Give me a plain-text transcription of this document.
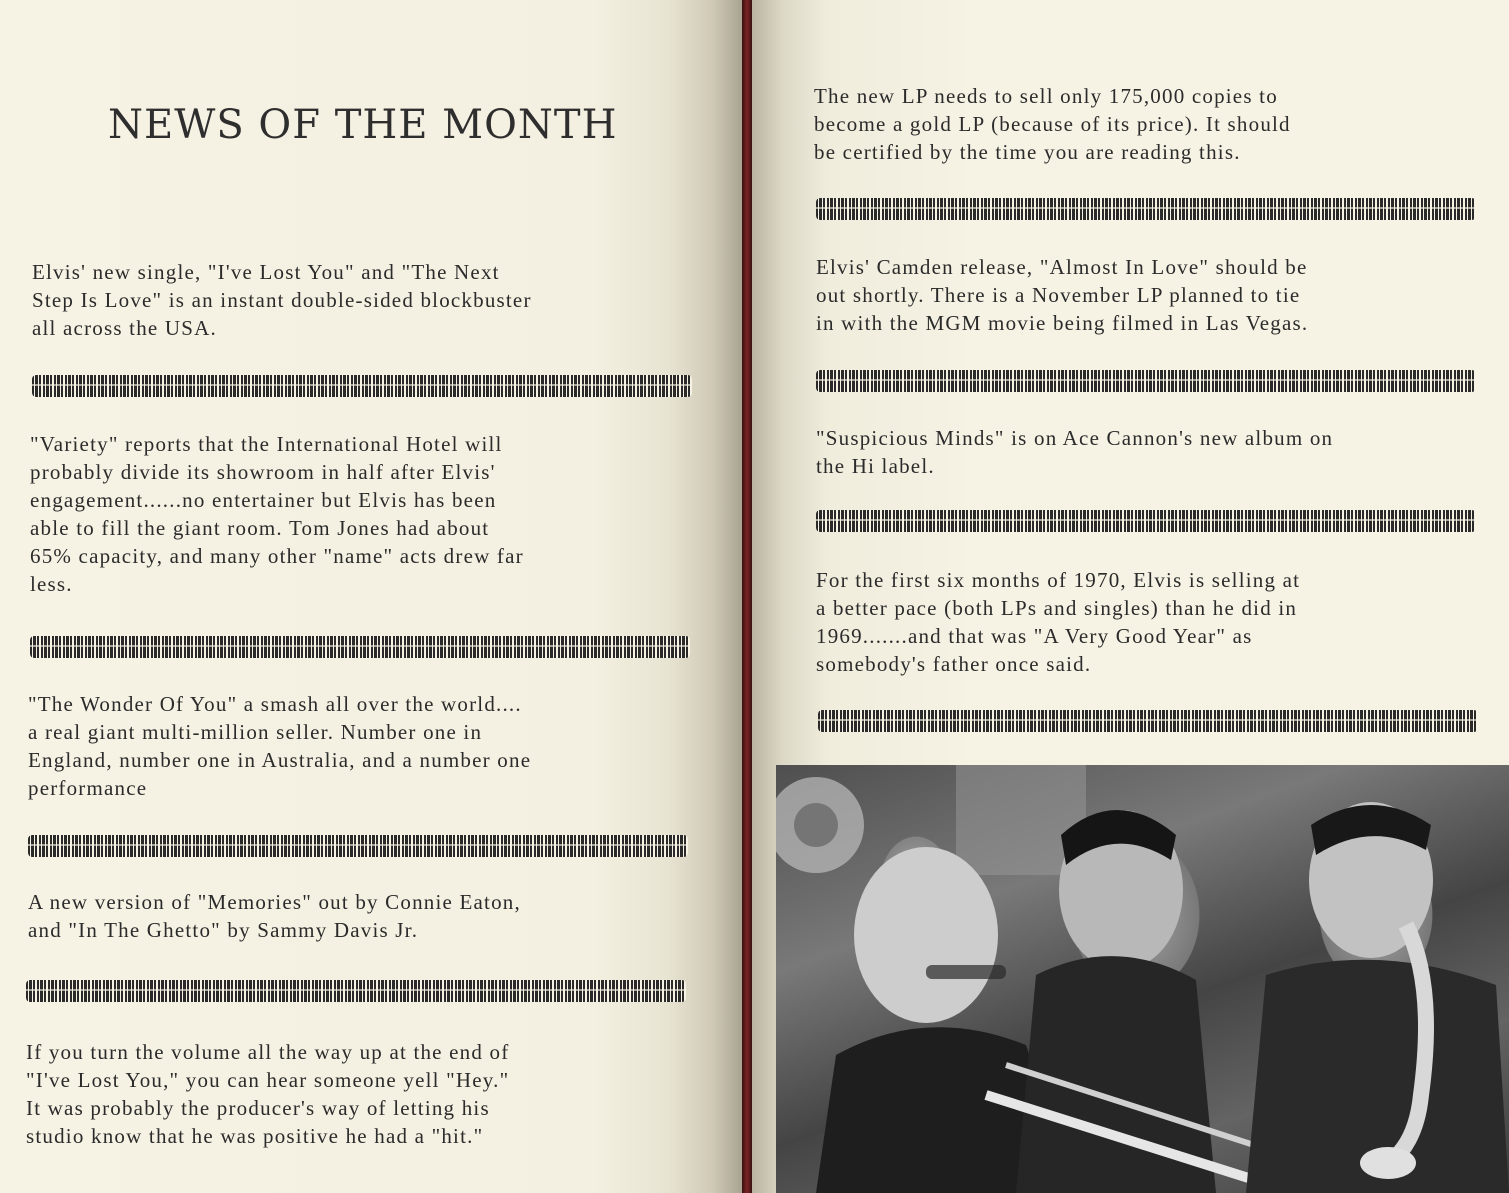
NEWS OF THE MONTH

Elvis' new single, "I've Lost You" and "The Next
Step Is Love" is an instant double-sided blockbuster
all across the USA.

"Variety" reports that the International Hotel will
probably divide its showroom in half after Elvis'
engagement......no entertainer but Elvis has been
able to fill the giant room. Tom Jones had about
65% capacity, and many other "name" acts drew far
less.

"The Wonder Of You" a smash all over the world....
a real giant multi-million seller. Number one in
England, number one in Australia, and a number one
performance

A new version of "Memories" out by Connie Eaton,
and "In The Ghetto" by Sammy Davis Jr.

If you turn the volume all the way up at the end of
"I've Lost You," you can hear someone yell "Hey."
It was probably the producer's way of letting his
studio know that he was positive he had a "hit."

The new LP needs to sell only 175,000 copies to
become a gold LP (because of its price). It should
be certified by the time you are reading this.

Elvis' Camden release, "Almost In Love" should be
out shortly. There is a November LP planned to tie
in with the MGM movie being filmed in Las Vegas.

"Suspicious Minds" is on Ace Cannon's new album on
the Hi label.

For the first six months of 1970, Elvis is selling at
a better pace (both LPs and singles) than he did in
1969.......and that was "A Very Good Year" as
somebody's father once said.
